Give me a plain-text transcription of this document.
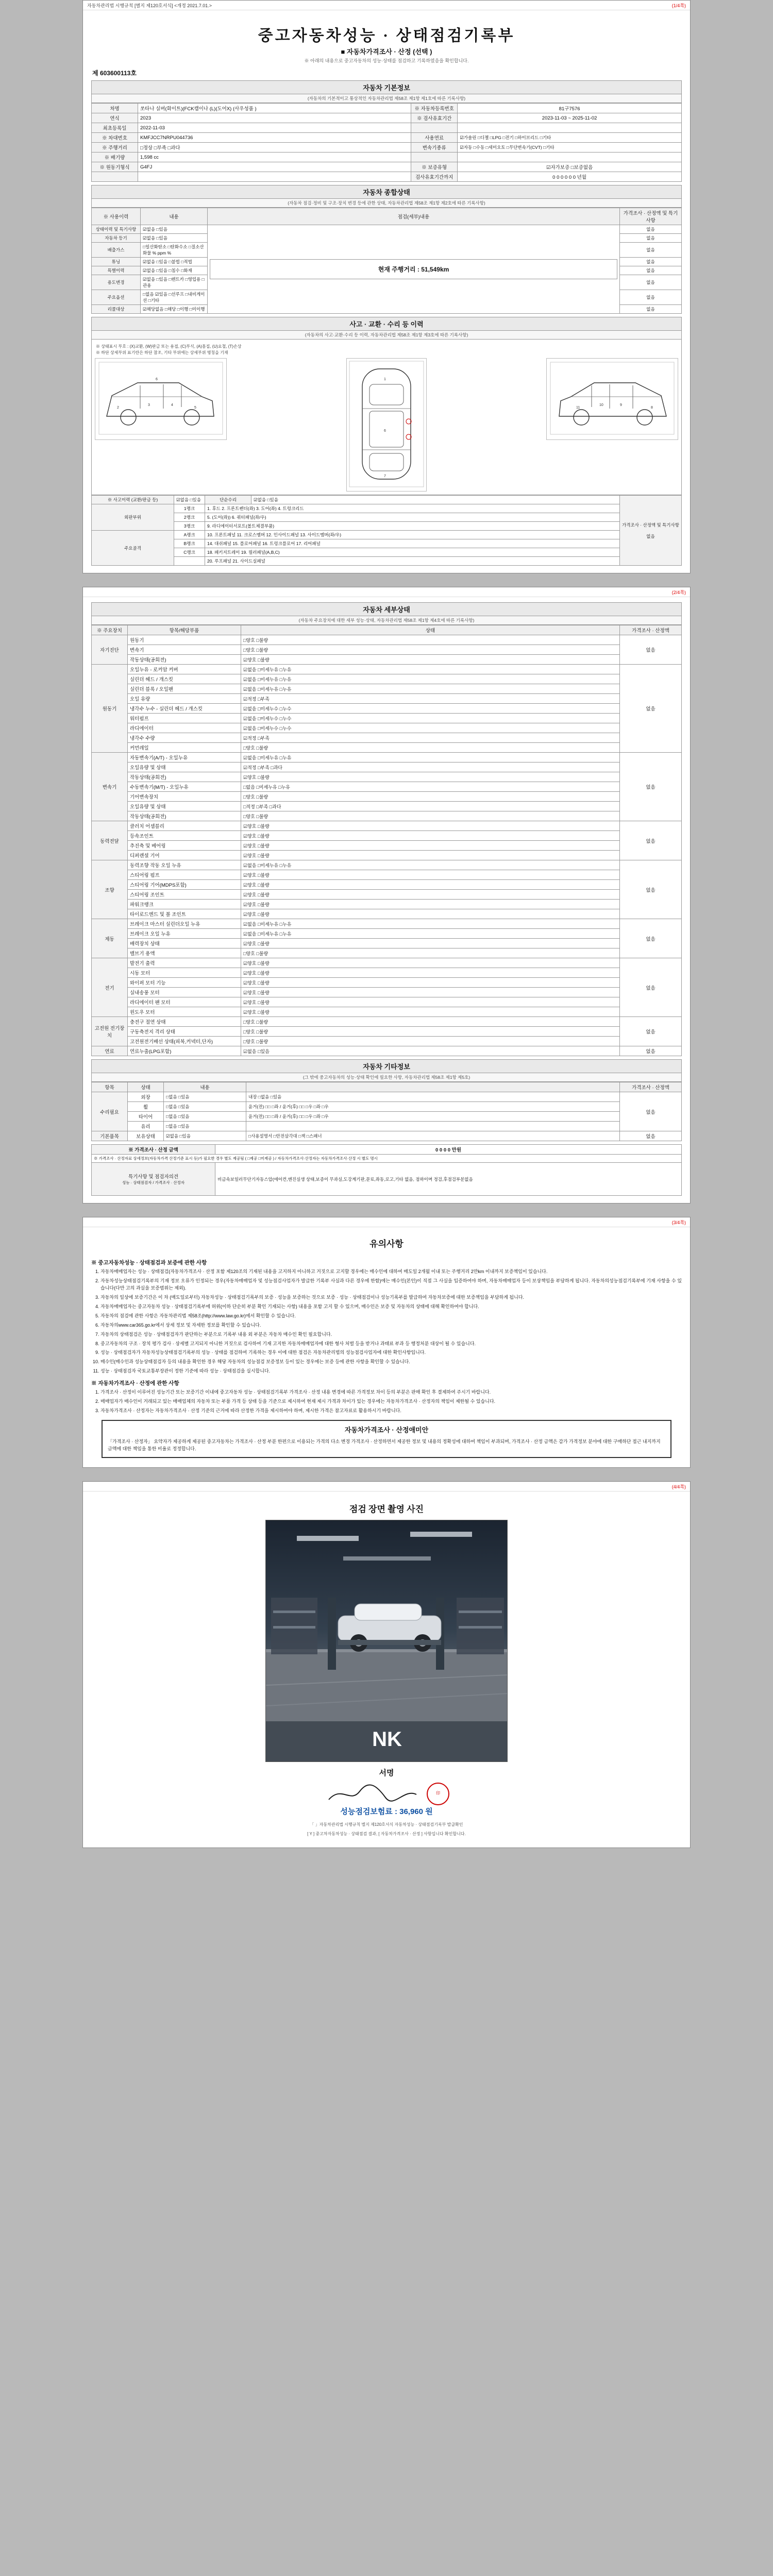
자동차관리법 시행규칙 [별지 제120호서식] <개정 2021.7.01.>	(1/4쪽)
중고자동차성능 · 상태점검기록부
■ 자동차가격조사 · 산정 (선택 )
※ 아래의 내용으로 중고자동차의 성능·상태를 점검하고 기록하였음을 확인합니다.
제 603600113호
자동차 기본정보
(자동차의 기본적이고 통상적인 자동차관리법 제58조 제1항 제1호에 따른 기록사항)
차명	쏘타나 실버(화이트)(FCK캠이나 (L)(도어X) (사우성품 )	※ 자동차등록번호	81구7576
연식	2023	※ 검사유효기간	2023-11-03 ~ 2025-11-02
최초등록일	2022-11-03		
※ 차대번호	KMFJCC7NRPU044736	사용연료	☑가솔린 □디젤 □LPG □전기 □하이브리드 □기타
※ 주행거리	□정상 □부족 □과다	변속기종류	☑자동 □수동 □세미오토 □무단변속기(CVT) □기타
※ 배기량	1,598 cc		
※ 원동기형식	G4FJ	※ 보증유형	☑자가보증 □보증없음
		검사유효기간까지	0 0 0 0 0 0 년월
자동차 종합상태
(자동차 점검·정비 및 구조·장치 변경 등에 관한 상태, 자동차관리법 제58조 제1항 제2호에 따른 기록사항)
※ 사용이력	내용	점검(세부)내용	가격조사 · 산정액 및 특기사항
상태이력 및 특기사항	☑없음 □있음	현재 주행거리 : 51,549km	없음
자동차 등기	☑없음 □있음		없음
배출가스	□일산화탄소 □탄화수소 □질소산화물 % ppm %		없음
튜닝	☑없음 □있음 □불법 □적법		없음
특별이력	☑없음 □있음 □침수 □화재		없음
용도변경	☑없음 □있음 □렌트카 □영업용 □관용		없음
주요옵션	□없음 ☑있음 □선루프 □내비게이션 □기타		없음
리콜대상	☑해당없음 □해당 □이행 □미이행		없음
사고 · 교환 · 수리 등 이력
(자동차의 사고·교환·수리 등 이력, 자동차관리법 제58조 제1항 제3호에 따른 기록사항)
※ 상태표시 부호 : (X)교환, (W)판금 또는 용접, (C)부식, (A)흠집, (U)요철, (T)손상
※ 하단 상세부위 표기란은 하단 참조, 기타 부위에는 상세부위 명칭을 기재
2
3	4
5
6	1
6
7
8
9
10
11
※ 사고이력 (교환/판금 등)	☑없음 □있음	단순수리	☑없음 □있음	가격조사 · 산정액 및 특기사항
없음

외판부위	1랭크	1. 후드 2. 프론트펜더(좌) 3. 도어(좌) 4. 트렁크리드		
	2랭크	5. (도어(좌)) 6. 쿼터패널(좌/우)		
	3랭크	9. 라디에이터서포트(볼트체결부품)		
주요골격	A랭크	10. 프론트패널 11. 크로스멤버 12. 인사이드패널 13. 사이드멤버(좌/우)		
	B랭크	14. 대쉬패널 15. 플로어패널 16. 트렁크플로어 17. 리어패널		
	C랭크	18. 패키지트레이 19. 필러패널(A,B,C)		
		20. 루프패널 21. 사이드실패널		

(2/4쪽)
자동차 세부상태
(자동차 주요장치에 대한 세부 성능·상태, 자동차관리법 제58조 제1항 제4호에 따른 기록사항)
※ 주요장치	항목/해당부품	상태	가격조사 · 산정액
자기진단	원동기	□양호 □불량	없음
	변속기	□양호 □불량	
	작동상태(공회전)	☑양호 □불량	
원동기	오일누유 - 로커암 커버	☑없음 □미세누유 □누유	없음
	실린더 헤드 / 개스킷	☑없음 □미세누유 □누유	
	실린더 블록 / 오일팬	☑없음 □미세누유 □누유	
	오일 유량	☑적정 □부족	
	냉각수 누수 - 실린더 헤드 / 개스킷	☑없음 □미세누수 □누수	
	워터펌프	☑없음 □미세누수 □누수	
	라디에이터	☑없음 □미세누수 □누수	
	냉각수 수량	☑적정 □부족	
	커먼레일	□양호 □불량	
변속기	자동변속기(A/T) - 오일누유	☑없음 □미세누유 □누유	없음
	오일유량 및 상태	☑적정 □부족 □과다	
	작동상태(공회전)	☑양호 □불량	
	수동변속기(M/T) - 오일누유	□없음 □미세누유 □누유	
	기어변속장치	□양호 □불량	
	오일유량 및 상태	□적정 □부족 □과다	
	작동상태(공회전)	□양호 □불량	
동력전달	클러치 어셈블리	☑양호 □불량	없음
	등속조인트	☑양호 □불량	
	추진축 및 베어링	☑양호 □불량	
	디퍼렌셜 기어	☑양호 □불량	
조향	동력조향 작동 오일 누유	☑없음 □미세누유 □누유	없음
	스티어링 펌프	☑양호 □불량	
	스티어링 기어(MDPS포함)	☑양호 □불량	
	스티어링 조인트	☑양호 □불량	
	파워크랭크	☑양호 □불량	
	타이로드엔드 및 볼 조인트	☑양호 □불량	
제동	브레이크 마스터 실린더오일 누유	☑없음 □미세누유 □누유	없음
	브레이크 오일 누유	☑없음 □미세누유 □누유	
	배력장치 상태	☑양호 □불량	
	밸브기 용액	□양호 □불량	
전기	발전기 출력	☑양호 □불량	없음
	시동 모터	☑양호 □불량	
	와이퍼 모터 기능	☑양호 □불량	
	실내송풍 모터	☑양호 □불량	
	라디에이터 팬 모터	☑양호 □불량	
	윈도우 모터	☑양호 □불량	
고전원 전기장치	충전구 절연 상태	□양호 □불량	없음
	구동축전지 격리 상태	□양호 □불량	
	고전원전기배선 상태(피복,커넥터,단자)	□양호 □불량	
연료	연료누출(LPG포함)	☑없음 □있음	없음
자동차 기타정보
(그 밖에 중고자동차의 성능·상태 확인에 필요한 사항, 자동차관리법 제58조 제1항 제5호)
항목	상태	내용		가격조사 · 산정액
수리필요	외장	□없음 □있음	내장 □없음 □있음	없음
	휠	□없음 □있음	윤거(전) □□ □좌 / 윤거(후) □□ □우 □좌 □우	
	타이어	□없음 □있음	윤거(전) □□ □좌 / 윤거(후) □□ □우 □좌 □우	
	유리	□없음 □있음		
기본품목	보유상태	☑없음 □있음	□사용설명서 □안전삼각대 □잭 □스패너	없음
※ 가격조사 · 산정 금액	0 0 0 0 만원
※ 가격조사 · 산정자료 상세정보(자동차가격 산정기준 표시 등)가 필요한 경우 별도 제공됨 ( □제공 □미제공 ) / 자동차가격조사·산정자는 자동차가격조사·산정 시 별도 명시	

특기사항 및 점검자의견
성능 · 상태점검자 / 가격조사 · 산정자	비금속보일러무단기자동스압(에어컨,엔진실생 상태,보증이 무과실,도강계기판,문료,좌동,로고,기타 없음, 점하이며 정검,후점검부분없음

(3/4쪽)
유의사항
※ 중고자동차성능 · 상태점검과 보증에 관한 사항
1. 자동차매매업자는 성능 · 상태점검(자동차가격조사 · 산정 포함 제120조의 기재된 내용을 고지하지 아니하고 거짓으로 고지할 경우에는 매수인에 대하여 매도일 2개월 이내 또는 주행거리 2만km 이내까지 보증책임이 있습니다.
2. 자동차성능상태점검기록부의 기재 정보 오류가 인정되는 경우(자동차매매업자 및 성능점검사업자가 발급한 기록부 사실과 다른 경우에 한함)에는 매수인(본인)이 직접 그 사실을 입증하여야 하며, 자동차매매업자 등이 보상책임을 부담하게 됩니다. 자동차의성능점검기록부에 기재 사항을 수 있습니다(다만 고의 과실을 보증범위는 제외).
3. 자동차의 일상에 보증기간은 이 차 (매도일로부터) 자동차성능 · 상태점검기록부의 보증 · 성능을 보증하는 것으로 보증 · 성능 · 상태점검이나 성능기록부를 발급하여 자동차보증에 대한 보증책임을 부담하게 됩니다.
4. 자동차매매업자는 중고자동차 성능 · 상태점검기록부에 허위(이하 단순히 부분 확인 기재되는 사항) 내용을 포함 고지 할 수 있으며, 매수인은 보증 및 자동차의 상태에 대해 확인하여야 합니다.
5. 자동차의 점검에 관한 사항은 자동차관리법 제58조(http://www.law.go.kr)에서 확인할 수 있습니다.
6. 자동차의www.car365.go.kr에서 상세 정보 및 자세한 정보를 확인할 수 있습니다.
7. 자동차의 상태점검은 성능 · 상태점검자가 판단하는 부분으로 기록부 내용 외 부분은 자동차 매수인 확인 필요합니다.
8. 중고자동차의 구조 · 장치 평가 검사 · 상세별 고지되지 아니한 거짓으로 검사하여 기재 고지한 자동차매매업자에 대한 형사 처벌 등을 받거나 과태료 부과 등 행정처분 대상이 될 수 있습니다.
9. 성능 · 상태점검자가 자동차성능상태점검기록부의 성능 · 상태를 점검하여 기록하는 경우 이에 대한 점검은 자동차관리법의 성능점검사업자에 대한 확인사항입니다.
10. 매수인(매수인과 성능상태점검자 등의 내용을 확인한 경우 해당 자동차의 성능점검 보증정보 등이 있는 경우에는 보증 등에 관한 사항을 확인할 수 있습니다.
11. 성능 · 상태점검자 국토교통부장관이 정한 기준에 따라 성능 · 상태점검을 실시합니다.
※ 자동차가격조사 · 산정에 관한 사항
1. 가격조사 · 산정이 이루어진 성능기간 또는 보증기간 이내에 중고자동차 성능 · 상태점검기록부 가격조사 · 산정 내용 변경에 따른 가격정보 차이 등의 부분은 판매 확인 후 결제하여 주시기 바랍니다.
2. 매매업자가 매수인이 거래되고 있는 매매업체의 자동차 또는 부품 가격 등 상태 등을 기준으로 제시하여 현재 제시 가격과 차이가 있는 경우에는 자동차가격조사 · 산정자의 책임이 제한될 수 있습니다.
3. 자동차가격조사 · 산정자는 자동차가격조사 · 산정 기준의 근거에 따라 산정한 가격을 제시하여야 하며, 제시한 가격은 참고자료로 활용하시기 바랍니다.
자동차가격조사 · 산정애미안
「가격조사 · 산정자」 요약자가 제공하게 제공된 중고자동차는 가격조사 · 산정 부분 한편으로 이용되는 가격의 다소 변경 가격조사 · 산정하면서 제공한 정보 및 내용의 정확성에 대하여 책임이 부과되며, 가격조사 · 산정 금액은 감가 가격정보 분야에 대한 구매하단 접근 내지까지 금액에 대한 책임을 통한 비율로 정정합니다.

(4/4쪽)
점검 장면 촬영 사진
NK
서명
印
성능점검보험료 : 36,960 원
「 」자동차관리법 시행규칙 별지 제120호서식 자동차성능 · 상태점검기록부 발급확인
[ Y ] 중고차자동차성능 · 상태점검 결과, [ 자동차가격조사 · 산정 ] 사항입니다 확인합니다.
